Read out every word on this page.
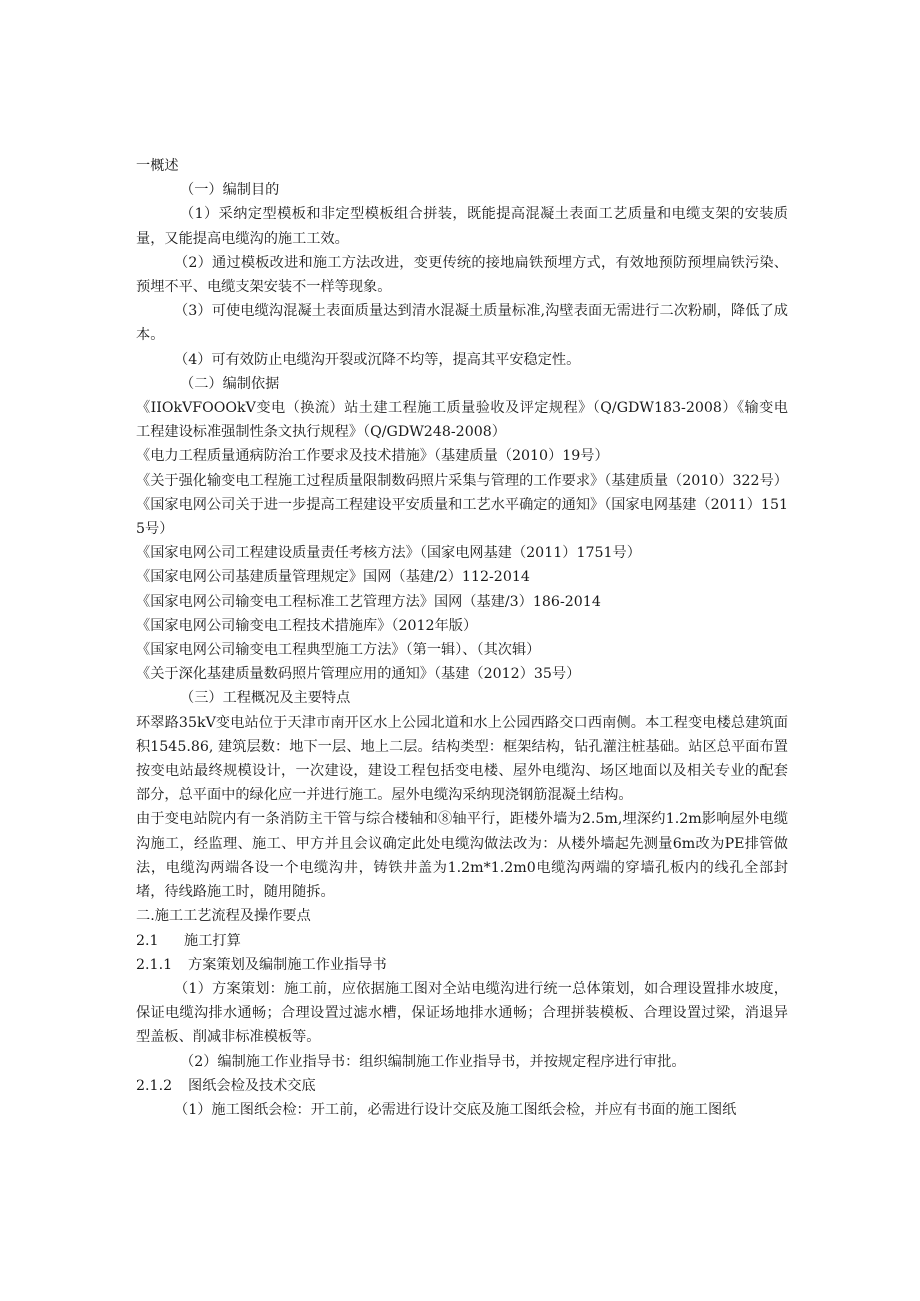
一概述
（一）编制目的
（1）采纳定型模板和非定型模板组合拼装，既能提高混凝土表面工艺质量和电缆支架的安装质量，又能提高电缆沟的施工工效。
（2）通过模板改进和施工方法改进，变更传统的接地扁铁预埋方式，有效地预防预埋扁铁污染、预埋不平、电缆支架安装不一样等现象。
（3）可使电缆沟混凝土表面质量达到清水混凝土质量标准,沟壁表面无需进行二次粉刷，降低了成本。
（4）可有效防止电缆沟开裂或沉降不均等，提高其平安稳定性。
（二）编制依据
《IIOkVFOOOkV变电（换流）站土建工程施工质量验收及评定规程》（Q/GDW183-2008）《输变电工程建设标准强制性条文执行规程》（Q/GDW248-2008）
《电力工程质量通病防治工作要求及技术措施》（基建质量（2010）19号）
《关于强化输变电工程施工过程质量限制数码照片采集与管理的工作要求》（基建质量（2010）322号）
《国家电网公司关于进一步提高工程建设平安质量和工艺水平确定的通知》（国家电网基建（2011）1515号）
《国家电网公司工程建设质量责任考核方法》（国家电网基建（2011）1751号）
《国家电网公司基建质量管理规定》国网（基建/2）112-2014
《国家电网公司输变电工程标准工艺管理方法》国网（基建/3）186-2014
《国家电网公司输变电工程技术措施库》（2012年版）
《国家电网公司输变电工程典型施工方法》（第一辑）、（其次辑）
《关于深化基建质量数码照片管理应用的通知》（基建（2012）35号）
（三）工程概况及主要特点
环翠路35kV变电站位于天津市南开区水上公园北道和水上公园西路交口西南侧。本工程变电楼总建筑面积1545.86, 建筑层数：地下一层、地上二层。结构类型：框架结构，钻孔灌注桩基础。站区总平面布置按变电站最终规模设计，一次建设，建设工程包括变电楼、屋外电缆沟、场区地面以及相关专业的配套部分，总平面中的绿化应一并进行施工。屋外电缆沟采纳现浇钢筋混凝土结构。
由于变电站院内有一条消防主干管与综合楼轴和⑧轴平行，距楼外墙为2.5m,埋深约1.2m影响屋外电缆沟施工，经监理、施工、甲方并且会议确定此处电缆沟做法改为：从楼外墙起先测量6m改为PE排管做法，电缆沟两端各设一个电缆沟井，铸铁井盖为1.2m*1.2m0电缆沟两端的穿墙孔板内的线孔全部封堵，待线路施工时，随用随拆。
二.施工工艺流程及操作要点
2.1 施工打算
2.1.1 方案策划及编制施工作业指导书
（1）方案策划：施工前，应依据施工图对全站电缆沟进行统一总体策划，如合理设置排水坡度，保证电缆沟排水通畅；合理设置过滤水槽，保证场地排水通畅；合理拼装模板、合理设置过梁，消退异型盖板、削减非标准模板等。
（2）编制施工作业指导书：组织编制施工作业指导书，并按规定程序进行审批。
2.1.2 图纸会检及技术交底
（1）施工图纸会检：开工前，必需进行设计交底及施工图纸会检，并应有书面的施工图纸
